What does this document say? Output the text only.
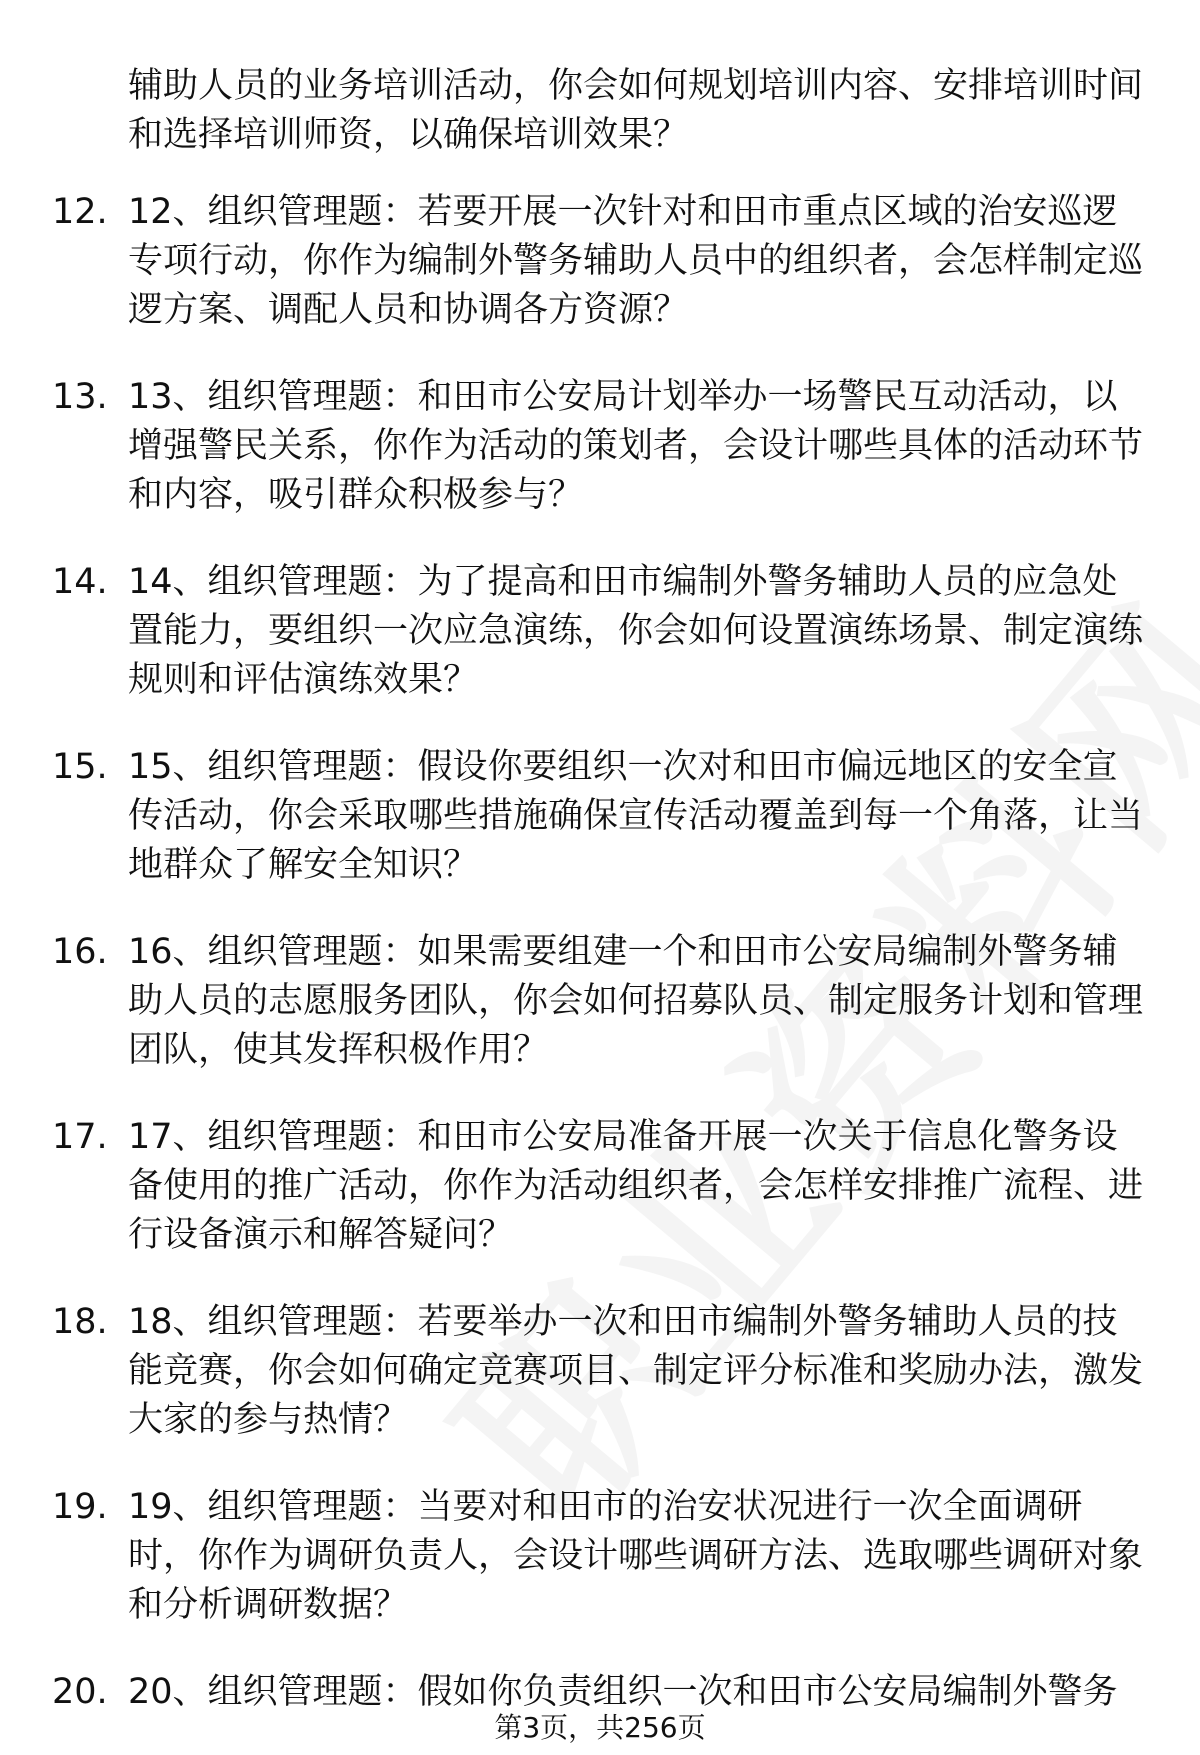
辅助人员的业务培训活动，你会如何规划培训内容、安排培训时间和选择培训师资，以确保培训效果？

12. 12、组织管理题：若要开展一次针对和田市重点区域的治安巡逻专项行动，你作为编制外警务辅助人员中的组织者，会怎样制定巡逻方案、调配人员和协调各方资源？
13. 13、组织管理题：和田市公安局计划举办一场警民互动活动，以增强警民关系，你作为活动的策划者，会设计哪些具体的活动环节和内容，吸引群众积极参与？
14. 14、组织管理题：为了提高和田市编制外警务辅助人员的应急处置能力，要组织一次应急演练，你会如何设置演练场景、制定演练规则和评估演练效果？
15. 15、组织管理题：假设你要组织一次对和田市偏远地区的安全宣传活动，你会采取哪些措施确保宣传活动覆盖到每一个角落，让当地群众了解安全知识？
16. 16、组织管理题：如果需要组建一个和田市公安局编制外警务辅助人员的志愿服务团队，你会如何招募队员、制定服务计划和管理团队，使其发挥积极作用？
17. 17、组织管理题：和田市公安局准备开展一次关于信息化警务设备使用的推广活动，你作为活动组织者，会怎样安排推广流程、进行设备演示和解答疑问？
18. 18、组织管理题：若要举办一次和田市编制外警务辅助人员的技能竞赛，你会如何确定竞赛项目、制定评分标准和奖励办法，激发大家的参与热情？
19. 19、组织管理题：当要对和田市的治安状况进行一次全面调研时，你作为调研负责人，会设计哪些调研方法、选取哪些调研对象和分析调研数据？
20. 20、组织管理题：假如你负责组织一次和田市公安局编制外警务
第3页，共256页
